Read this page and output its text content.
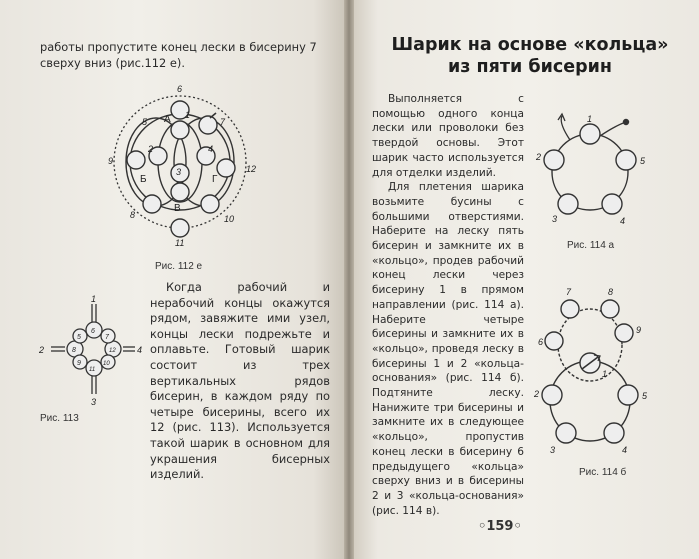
работы пропустите конец лески в бисерину 7 сверху вниз (рис.112 е).

6
1
7
2
3
4
5
9
12
8	10
11
А
Б	Г
В
Рис. 112 е

Когда рабочий и нерабочий концы окажутся рядом, завяжите ими узел, концы лески подрежьте и оплавьте. Готовый шарик состоит из трех вертикальных рядов бисерин, в каждом ряду по четыре бисерины, всего их 12 (рис. 113). Используется такой шарик в основном для украшения бисерных изделий.

1
2
3
4
6
7
5
8
9	10
12
11
Рис. 113
Шарик на основе «кольца»
из пяти бисерин

Выполняется с помощью одного конца лески или проволоки без твердой основы. Этот шарик часто используется для отделки изделий.

Для плетения шарика возьмите бусины с большими отверстиями. Наберите на леску пять бисерин и замкните их в «кольцо», продев рабочий конец лески через бисерину 1 в прямом направлении (рис. 114 а). Наберите четыре бисерины и замкните их в «кольцо», проведя леску в бисерины 1 и 2 «кольца-основания» (рис. 114 б). Подтяните леску. Нанижите три бисерины и замкните их в следующее «кольцо», пропустив конец лески в бисерину 6 предыдущего «кольца» сверху вниз и в бисерины 2 и 3 «кольца-основания» (рис. 114 в).

1
2
3	4
5
Рис. 114 а
7	8
9
6
1
2
3	4
5
Рис. 114 б
◦159◦
